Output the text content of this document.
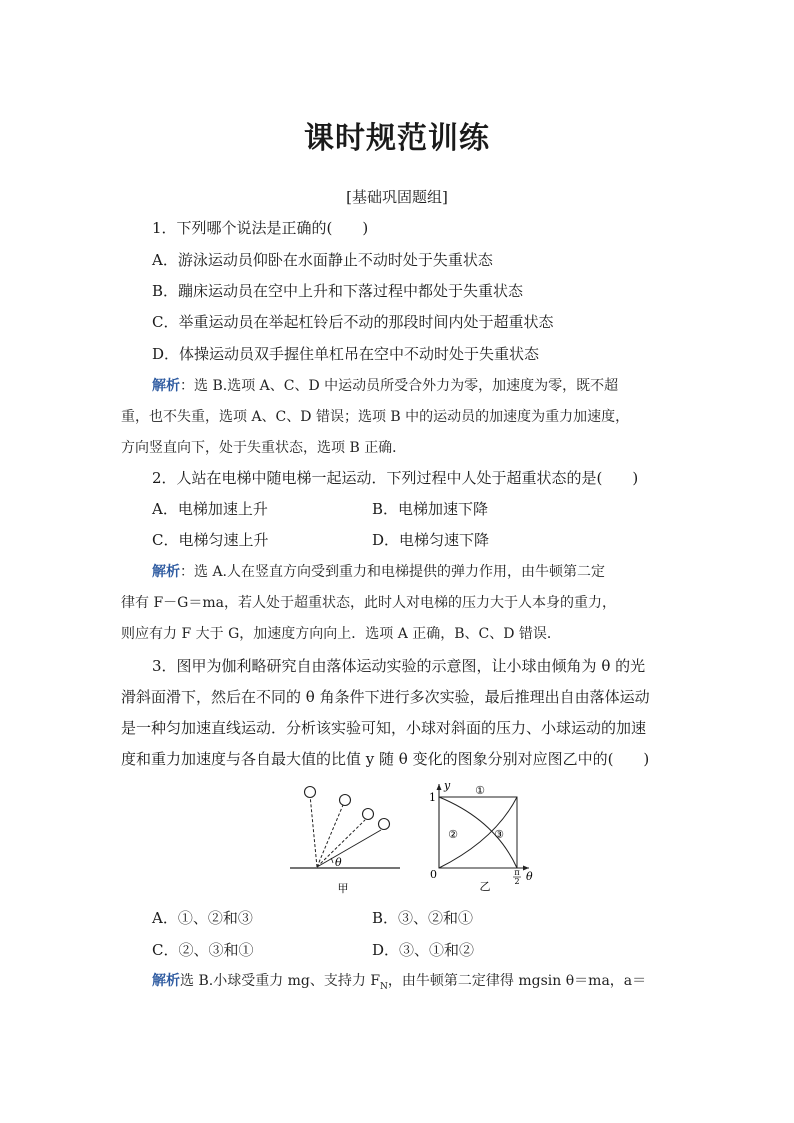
课时规范训练
[基础巩固题组]
1．下列哪个说法是正确的(　　)
A．游泳运动员仰卧在水面静止不动时处于失重状态
B．蹦床运动员在空中上升和下落过程中都处于失重状态
C．举重运动员在举起杠铃后不动的那段时间内处于超重状态
D．体操运动员双手握住单杠吊在空中不动时处于失重状态
解析：选 B.选项 A、C、D 中运动员所受合外力为零，加速度为零，既不超
重，也不失重，选项 A、C、D 错误；选项 B 中的运动员的加速度为重力加速度，
方向竖直向下，处于失重状态，选项 B 正确．
2．人站在电梯中随电梯一起运动．下列过程中人处于超重状态的是(　　)
A．电梯加速上升	B．电梯加速下降
C．电梯匀速上升	D．电梯匀速下降
解析：选 A.人在竖直方向受到重力和电梯提供的弹力作用，由牛顿第二定
律有 F－G＝ma，若人处于超重状态，此时人对电梯的压力大于人本身的重力，
则应有力 F 大于 G，加速度方向向上．选项 A 正确，B、C、D 错误．
3．图甲为伽利略研究自由落体运动实验的示意图，让小球由倾角为 θ 的光
滑斜面滑下，然后在不同的 θ 角条件下进行多次实验，最后推理出自由落体运动
是一种匀加速直线运动．分析该实验可知，小球对斜面的压力、小球运动的加速
度和重力加速度与各自最大值的比值 y 随 θ 变化的图象分别对应图乙中的(　　)
θ
甲
y
1
0
①
②	③
π
2 θ
乙
A．①、②和③	B．③、②和①
C．②、③和①	D．③、①和②
解析选 B.小球受重力 mg、支持力 $F_N$，由牛顿第二定律得 mgsin θ＝ma，a＝
